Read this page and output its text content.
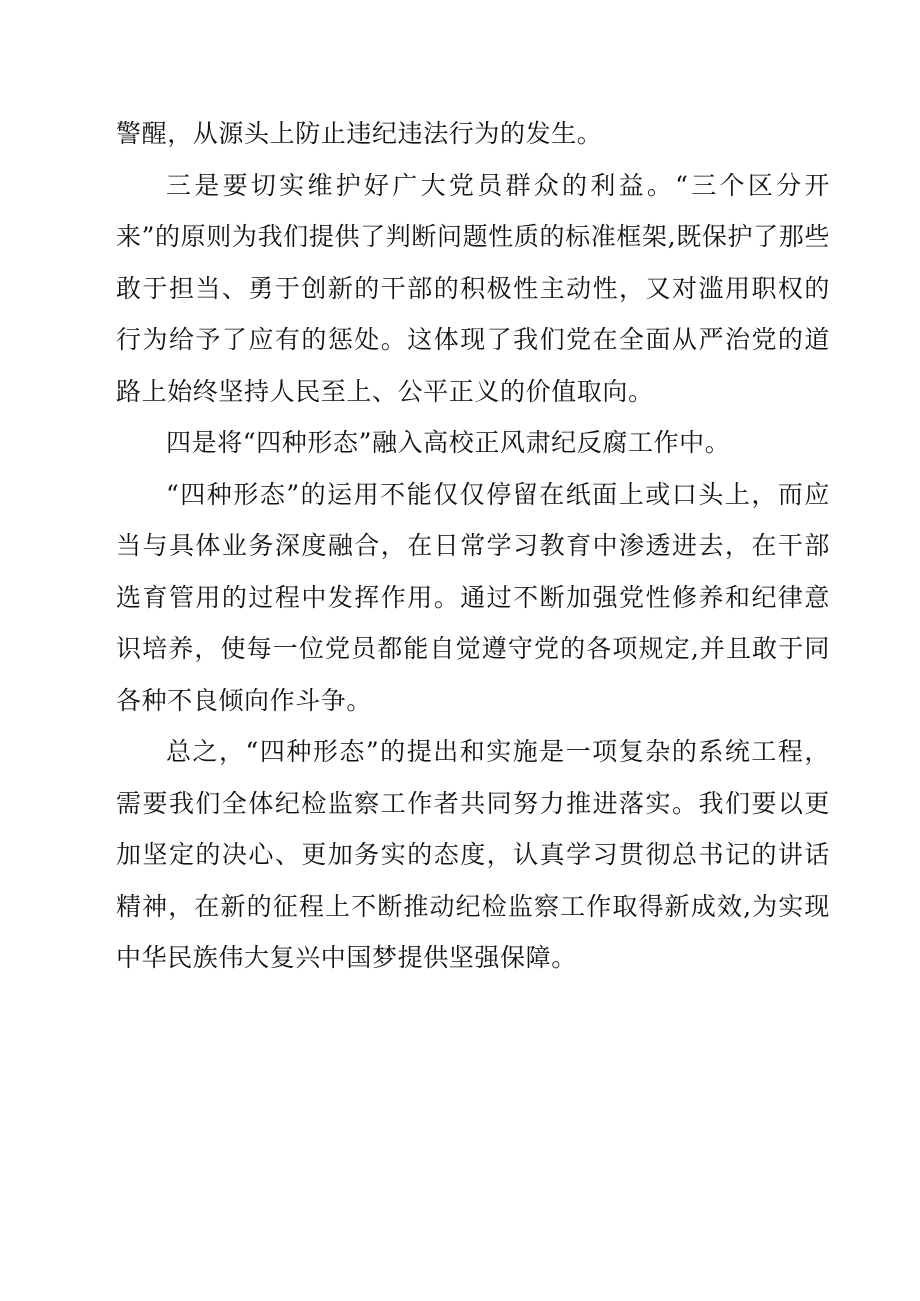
警醒，从源头上防止违纪违法行为的发生。

三是要切实维护好广大党员群众的利益。“三个区分开来”的原则为我们提供了判断问题性质的标准框架,既保护了那些敢于担当、勇于创新的干部的积极性主动性，又对滥用职权的行为给予了应有的惩处。这体现了我们党在全面从严治党的道路上始终坚持人民至上、公平正义的价值取向。

四是将“四种形态”融入高校正风肃纪反腐工作中。

“四种形态”的运用不能仅仅停留在纸面上或口头上，而应当与具体业务深度融合，在日常学习教育中渗透进去，在干部选育管用的过程中发挥作用。通过不断加强党性修养和纪律意识培养，使每一位党员都能自觉遵守党的各项规定,并且敢于同各种不良倾向作斗争。

总之，“四种形态”的提出和实施是一项复杂的系统工程，需要我们全体纪检监察工作者共同努力推进落实。我们要以更加坚定的决心、更加务实的态度，认真学习贯彻总书记的讲话精神，在新的征程上不断推动纪检监察工作取得新成效,为实现中华民族伟大复兴中国梦提供坚强保障。
